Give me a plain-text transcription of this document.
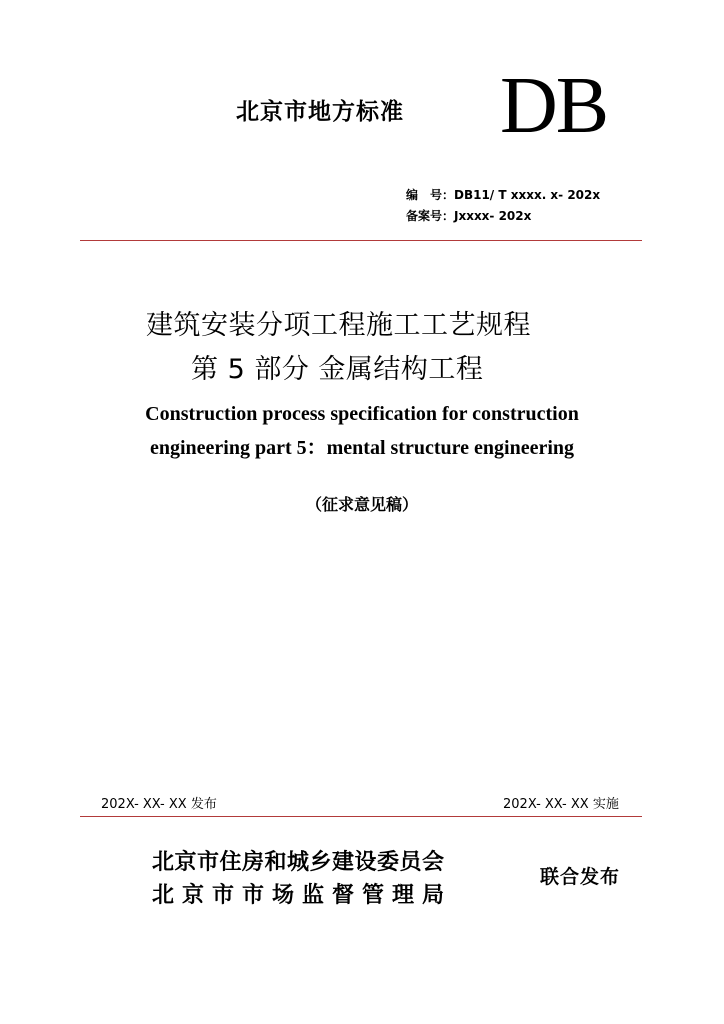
北京市地方标准 DB
编　号：DB11/ T xxxx. x- 202x
备案号：Jxxxx- 202x
建筑安装分项工程施工工艺规程
第 5 部分 金属结构工程
Construction process specification for construction
engineering part 5：mental structure engineering
（征求意见稿）
202X- XX- XX 发布	202X- XX- XX 实施
北京市住房和城乡建设委员会
北京市市场监督管理局
联合发布
